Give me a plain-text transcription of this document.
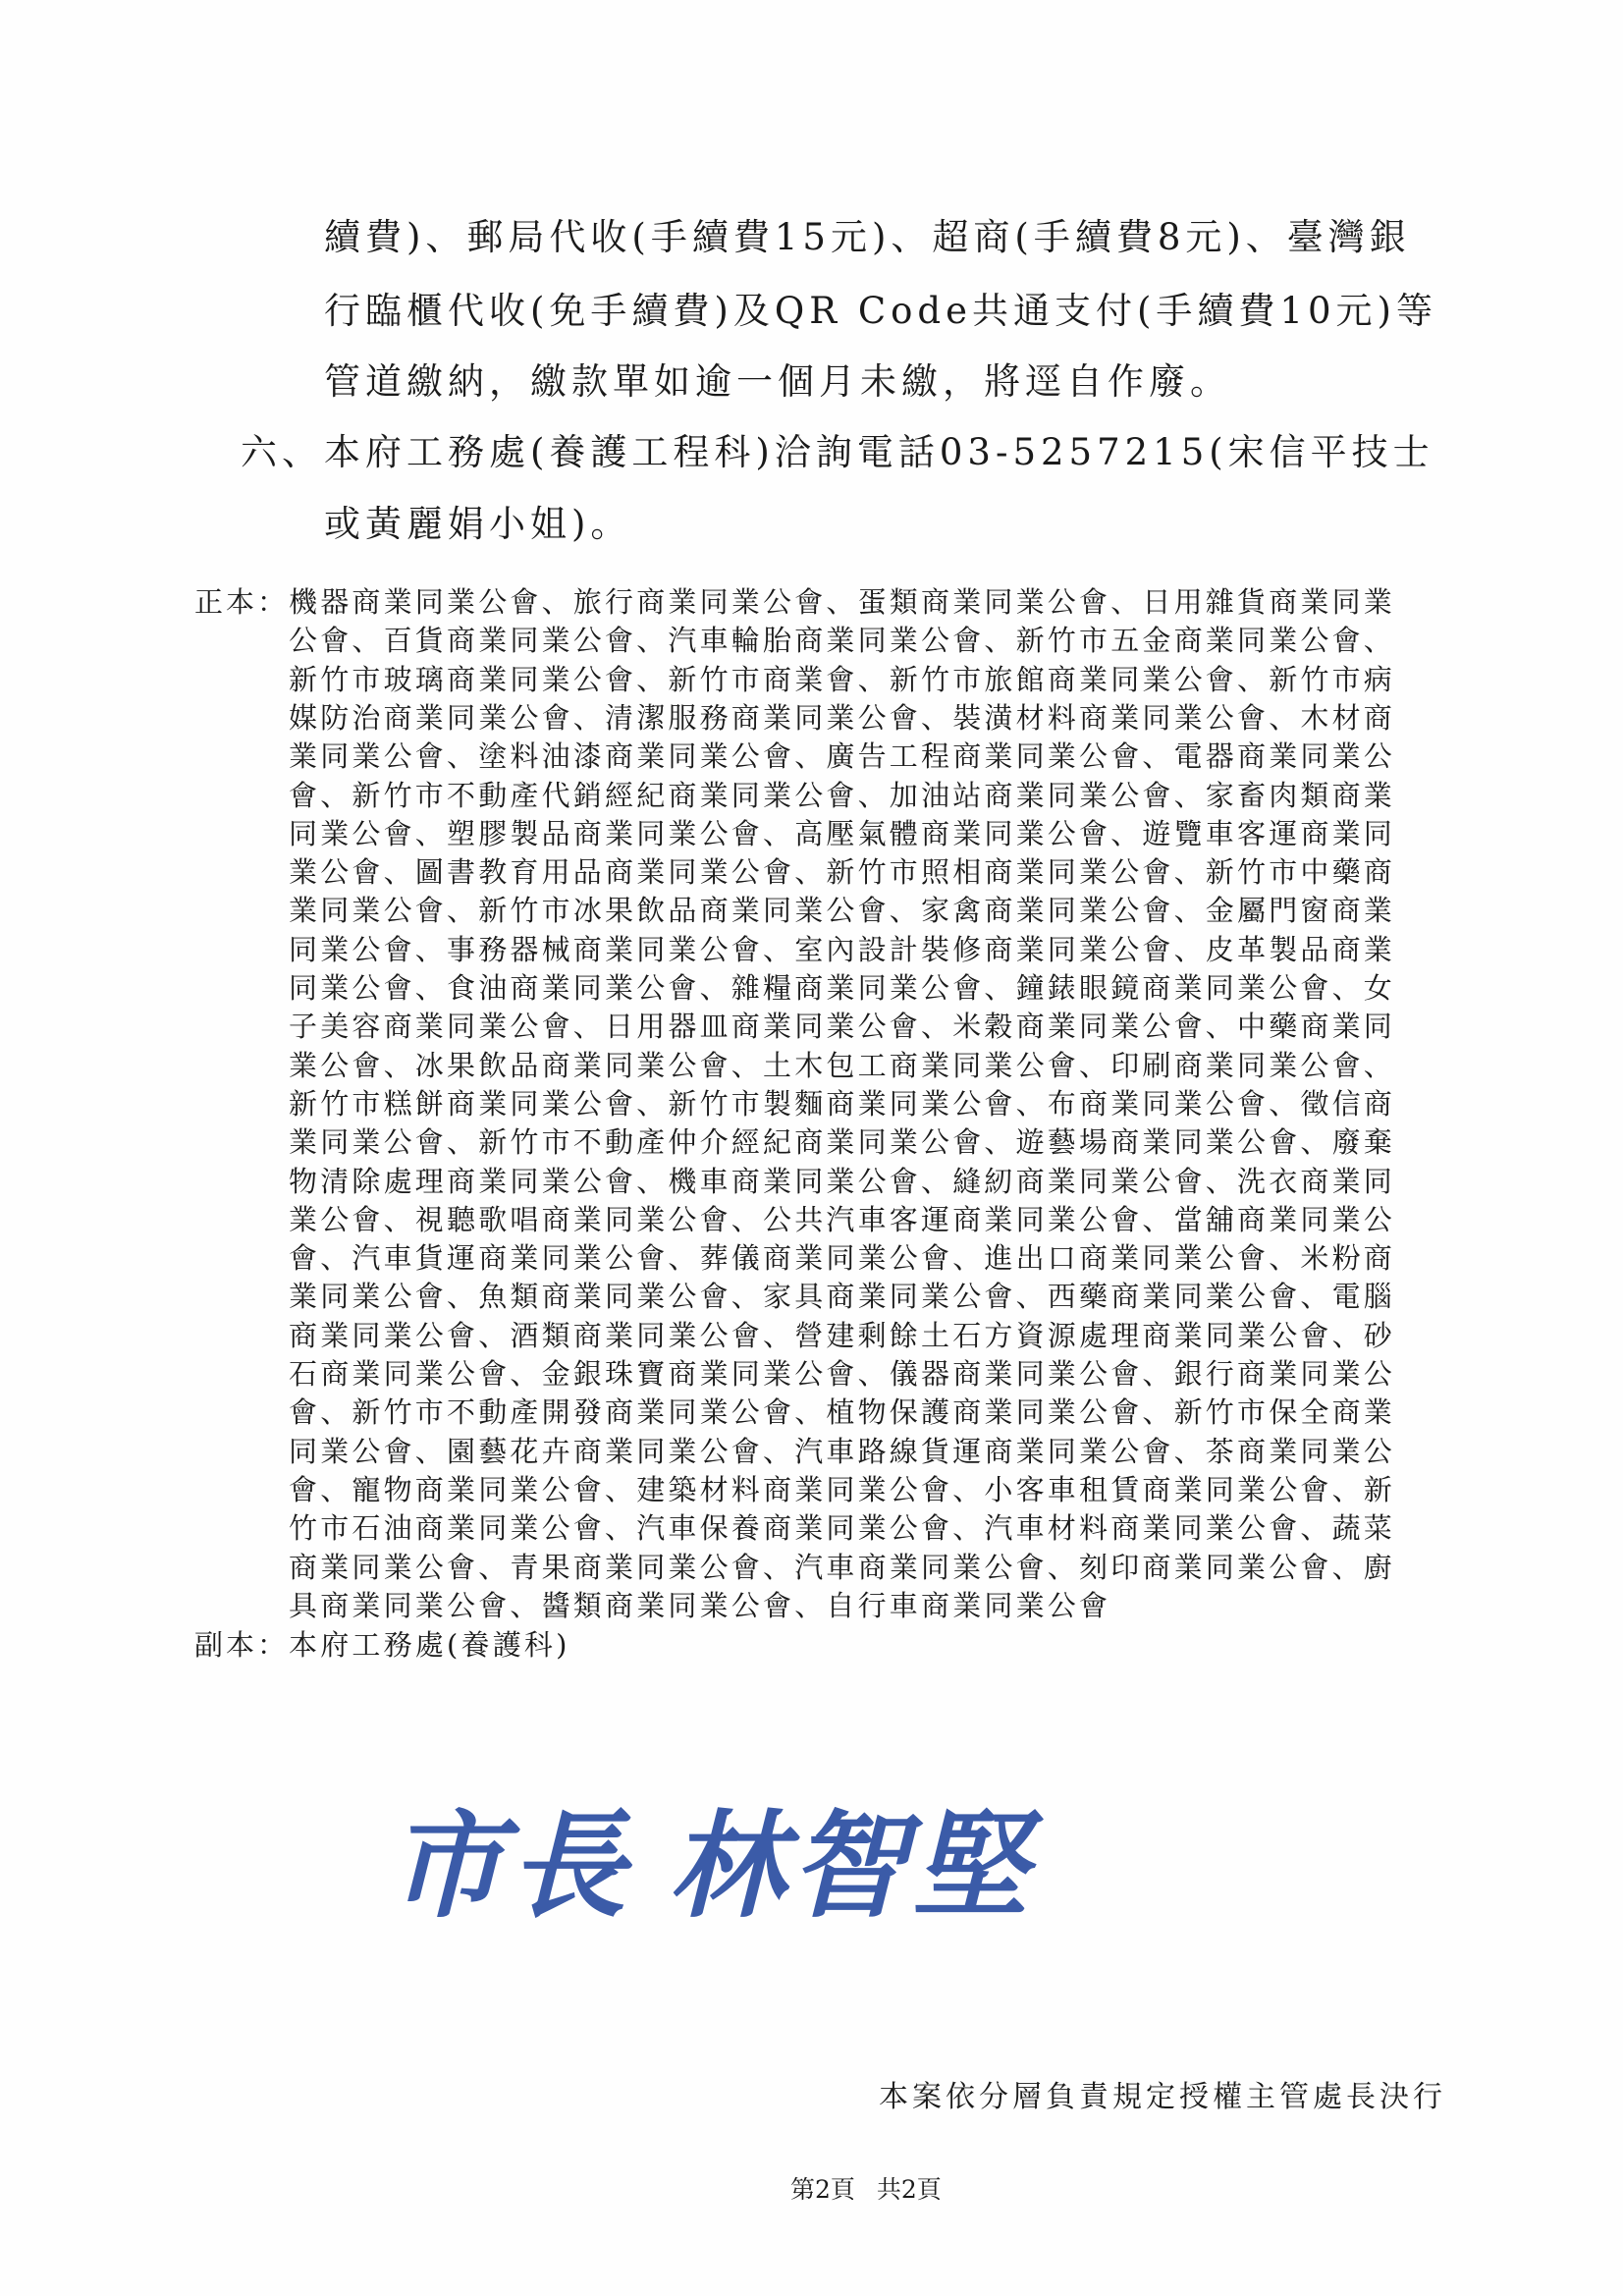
續費)、郵局代收(手續費15元)、超商(手續費8元)、臺灣銀
行臨櫃代收(免手續費)及QR Code共通支付(手續費10元)等
管道繳納，繳款單如逾一個月未繳，將逕自作廢。
六、 本府工務處(養護工程科)洽詢電話03-5257215(宋信平技士
或黃麗娟小姐)。
正本： 機器商業同業公會、旅行商業同業公會、蛋類商業同業公會、日用雜貨商業同業
公會、百貨商業同業公會、汽車輪胎商業同業公會、新竹市五金商業同業公會、
新竹市玻璃商業同業公會、新竹市商業會、新竹市旅館商業同業公會、新竹市病
媒防治商業同業公會、清潔服務商業同業公會、裝潢材料商業同業公會、木材商
業同業公會、塗料油漆商業同業公會、廣告工程商業同業公會、電器商業同業公
會、新竹市不動產代銷經紀商業同業公會、加油站商業同業公會、家畜肉類商業
同業公會、塑膠製品商業同業公會、高壓氣體商業同業公會、遊覽車客運商業同
業公會、圖書教育用品商業同業公會、新竹市照相商業同業公會、新竹市中藥商
業同業公會、新竹市冰果飲品商業同業公會、家禽商業同業公會、金屬門窗商業
同業公會、事務器械商業同業公會、室內設計裝修商業同業公會、皮革製品商業
同業公會、食油商業同業公會、雜糧商業同業公會、鐘錶眼鏡商業同業公會、女
子美容商業同業公會、日用器皿商業同業公會、米穀商業同業公會、中藥商業同
業公會、冰果飲品商業同業公會、土木包工商業同業公會、印刷商業同業公會、
新竹市糕餅商業同業公會、新竹市製麵商業同業公會、布商業同業公會、徵信商
業同業公會、新竹市不動產仲介經紀商業同業公會、遊藝場商業同業公會、廢棄
物清除處理商業同業公會、機車商業同業公會、縫紉商業同業公會、洗衣商業同
業公會、視聽歌唱商業同業公會、公共汽車客運商業同業公會、當舖商業同業公
會、汽車貨運商業同業公會、葬儀商業同業公會、進出口商業同業公會、米粉商
業同業公會、魚類商業同業公會、家具商業同業公會、西藥商業同業公會、電腦
商業同業公會、酒類商業同業公會、營建剩餘土石方資源處理商業同業公會、砂
石商業同業公會、金銀珠寶商業同業公會、儀器商業同業公會、銀行商業同業公
會、新竹市不動產開發商業同業公會、植物保護商業同業公會、新竹市保全商業
同業公會、園藝花卉商業同業公會、汽車路線貨運商業同業公會、茶商業同業公
會、寵物商業同業公會、建築材料商業同業公會、小客車租賃商業同業公會、新
竹市石油商業同業公會、汽車保養商業同業公會、汽車材料商業同業公會、蔬菜
商業同業公會、青果商業同業公會、汽車商業同業公會、刻印商業同業公會、廚
具商業同業公會、醬類商業同業公會、自行車商業同業公會
副本： 本府工務處(養護科)
市長 林智堅
本案依分層負責規定授權主管處長決行
第2頁 共2頁
